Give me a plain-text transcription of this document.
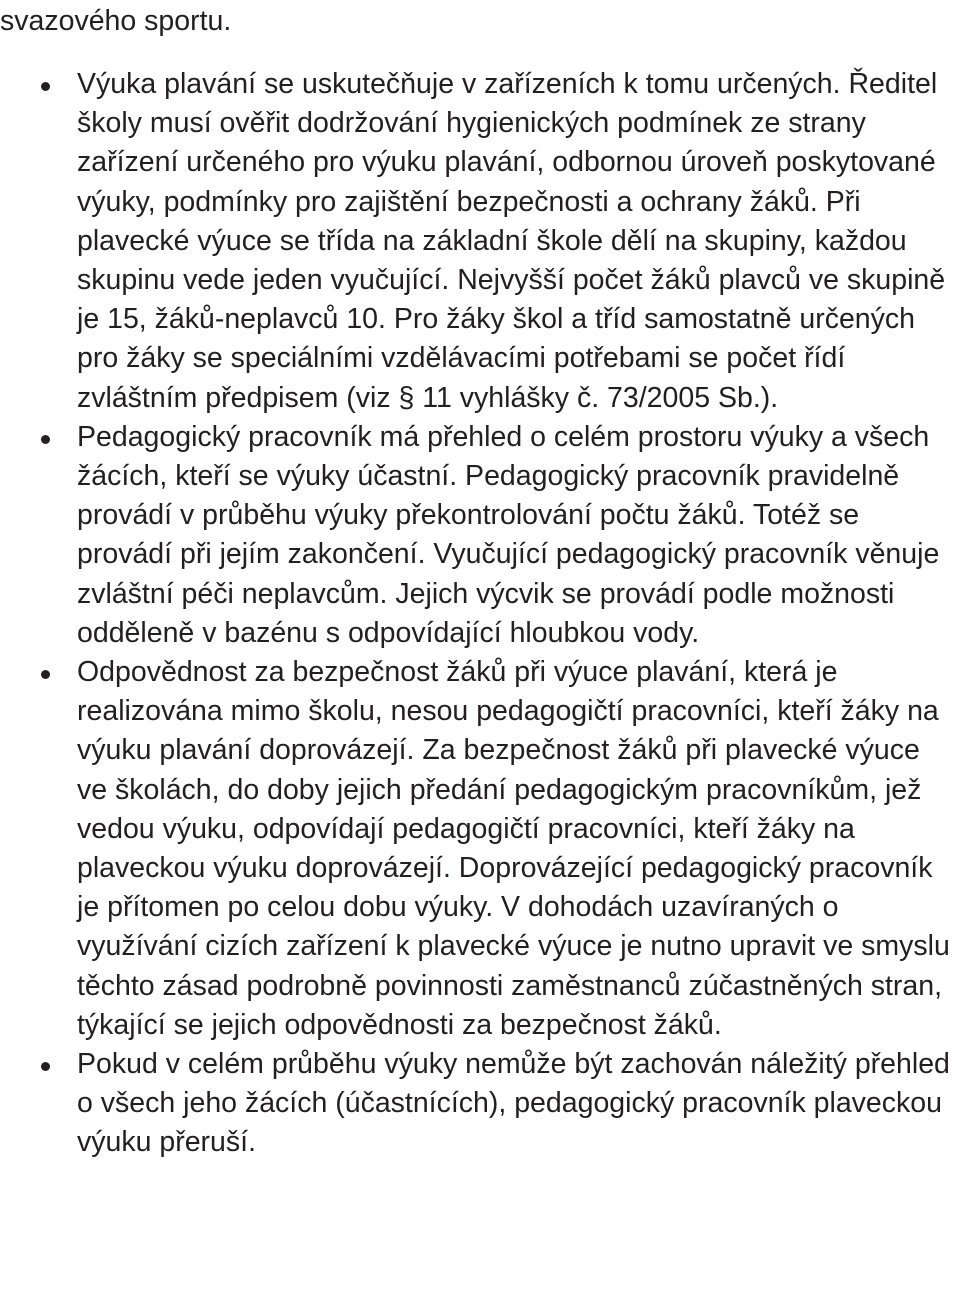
svazového sportu.

Výuka plavání se uskutečňuje v zařízeních k tomu určených. Ředitel školy musí ověřit dodržování hygienických podmínek ze strany zařízení určeného pro výuku plavání, odbornou úroveň poskytované výuky, podmínky pro zajištění bezpečnosti a ochrany žáků. Při plavecké výuce se třída na základní škole dělí na skupiny, každou skupinu vede jeden vyučující. Nejvyšší počet žáků plavců ve skupině je 15, žáků-neplavců 10. Pro žáky škol a tříd samostatně určených pro žáky se speciálními vzdělávacími potřebami se počet řídí zvláštním předpisem (viz § 11 vyhlášky č. 73/2005 Sb.).
Pedagogický pracovník má přehled o celém prostoru výuky a všech žácích, kteří se výuky účastní. Pedagogický pracovník pravidelně provádí v průběhu výuky překontrolování počtu žáků. Totéž se provádí při jejím zakončení. Vyučující pedagogický pracovník věnuje zvláštní péči neplavcům. Jejich výcvik se provádí podle možnosti odděleně v bazénu s odpovídající hloubkou vody.
Odpovědnost za bezpečnost žáků při výuce plavání, která je realizována mimo školu, nesou pedagogičtí pracovníci, kteří žáky na výuku plavání doprovázejí. Za bezpečnost žáků při plavecké výuce ve školách, do doby jejich předání pedagogickým pracovníkům, jež vedou výuku, odpovídají pedagogičtí pracovníci, kteří žáky na plaveckou výuku doprovázejí. Doprovázející pedagogický pracovník je přítomen po celou dobu výuky. V dohodách uzavíraných o využívání cizích zařízení k plavecké výuce je nutno upravit ve smyslu těchto zásad podrobně povinnosti zaměstnanců zúčastněných stran, týkající se jejich odpovědnosti za bezpečnost žáků.
Pokud v celém průběhu výuky nemůže být zachován náležitý přehled o všech jeho žácích (účastnících), pedagogický pracovník plaveckou výuku přeruší.
